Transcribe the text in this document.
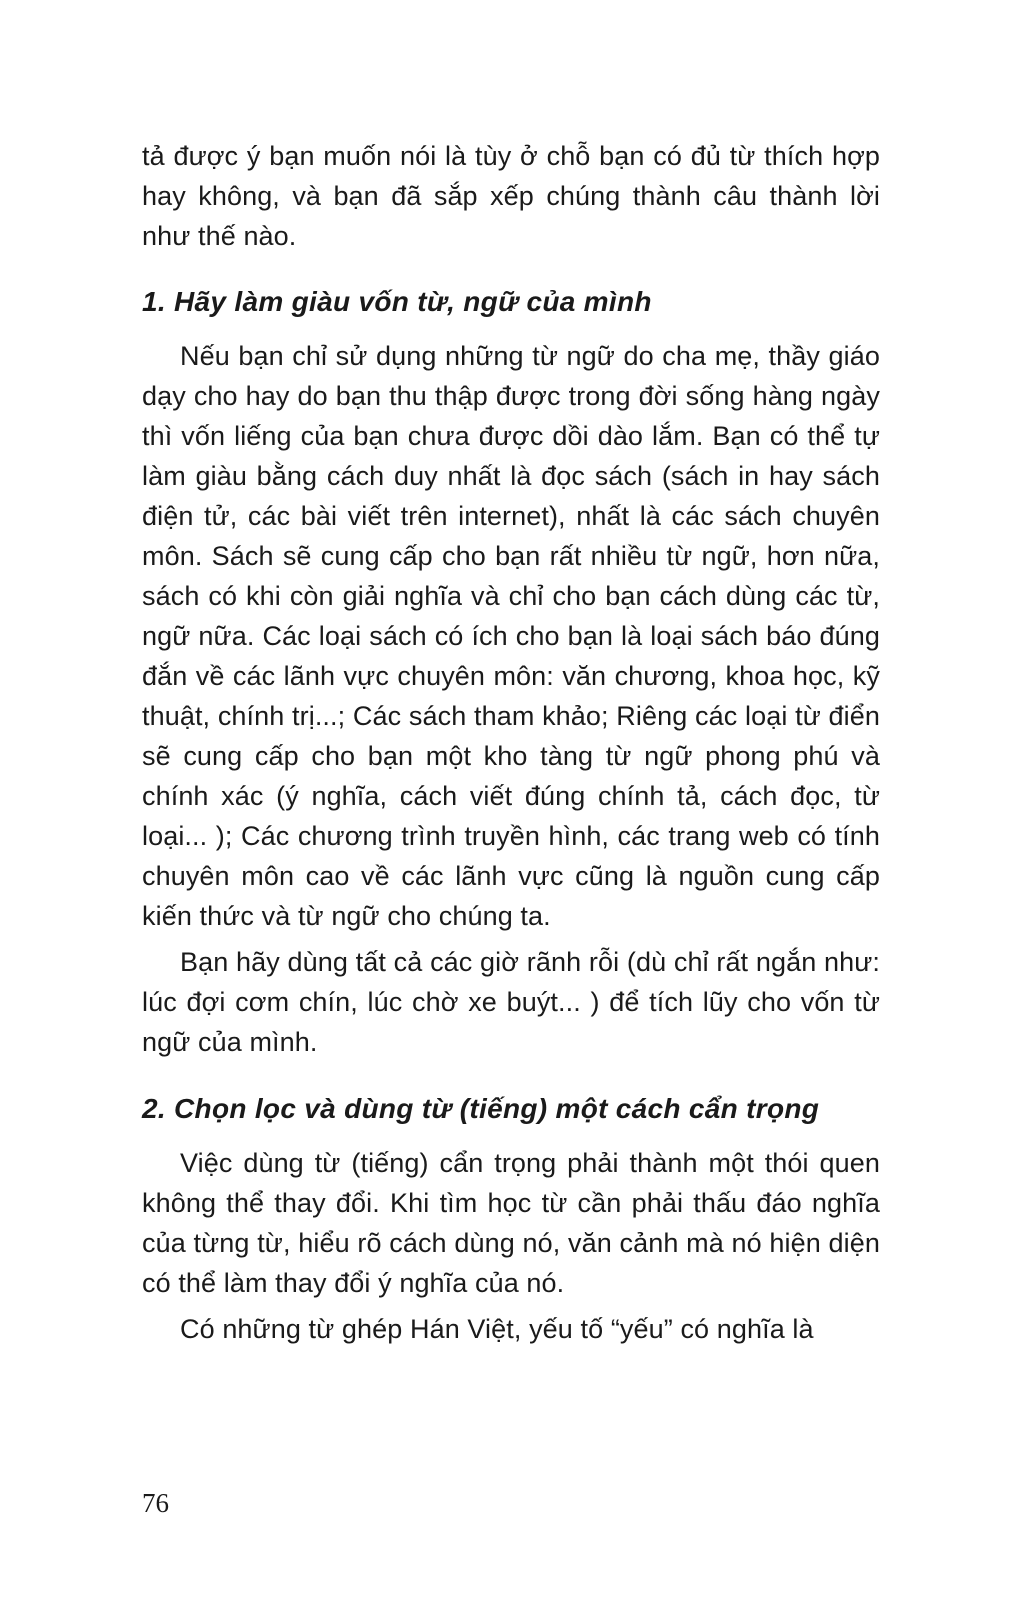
tả được ý bạn muốn nói là tùy ở chỗ bạn có đủ từ thích hợp hay không, và bạn đã sắp xếp chúng thành câu thành lời như thế nào.

1. Hãy làm giàu vốn từ, ngữ của mình

Nếu bạn chỉ sử dụng những từ ngữ do cha mẹ, thầy giáo dạy cho hay do bạn thu thập được trong đời sống hàng ngày thì vốn liếng của bạn chưa được dồi dào lắm. Bạn có thể tự làm giàu bằng cách duy nhất là đọc sách (sách in hay sách điện tử, các bài viết trên internet), nhất là các sách chuyên môn. Sách sẽ cung cấp cho bạn rất nhiều từ ngữ, hơn nữa, sách có khi còn giải nghĩa và chỉ cho bạn cách dùng các từ, ngữ nữa. Các loại sách có ích cho bạn là loại sách báo đúng đắn về các lãnh vực chuyên môn: văn chương, khoa học, kỹ thuật, chính trị...; Các sách tham khảo; Riêng các loại từ điển sẽ cung cấp cho bạn một kho tàng từ ngữ phong phú và chính xác (ý nghĩa, cách viết đúng chính tả, cách đọc, từ loại... ); Các chương trình truyền hình, các trang web có tính chuyên môn cao về các lãnh vực cũng là nguồn cung cấp kiến thức và từ ngữ cho chúng ta.

Bạn hãy dùng tất cả các giờ rãnh rỗi (dù chỉ rất ngắn như: lúc đợi cơm chín, lúc chờ xe buýt... ) để tích lũy cho vốn từ ngữ của mình.

2. Chọn lọc và dùng từ (tiếng) một cách cẩn trọng

Việc dùng từ (tiếng) cẩn trọng phải thành một thói quen không thể thay đổi. Khi tìm học từ cần phải thấu đáo nghĩa của từng từ, hiểu rõ cách dùng nó, văn cảnh mà nó hiện diện có thể làm thay đổi ý nghĩa của nó.

Có những từ ghép Hán Việt, yếu tố “yếu” có nghĩa là

76
